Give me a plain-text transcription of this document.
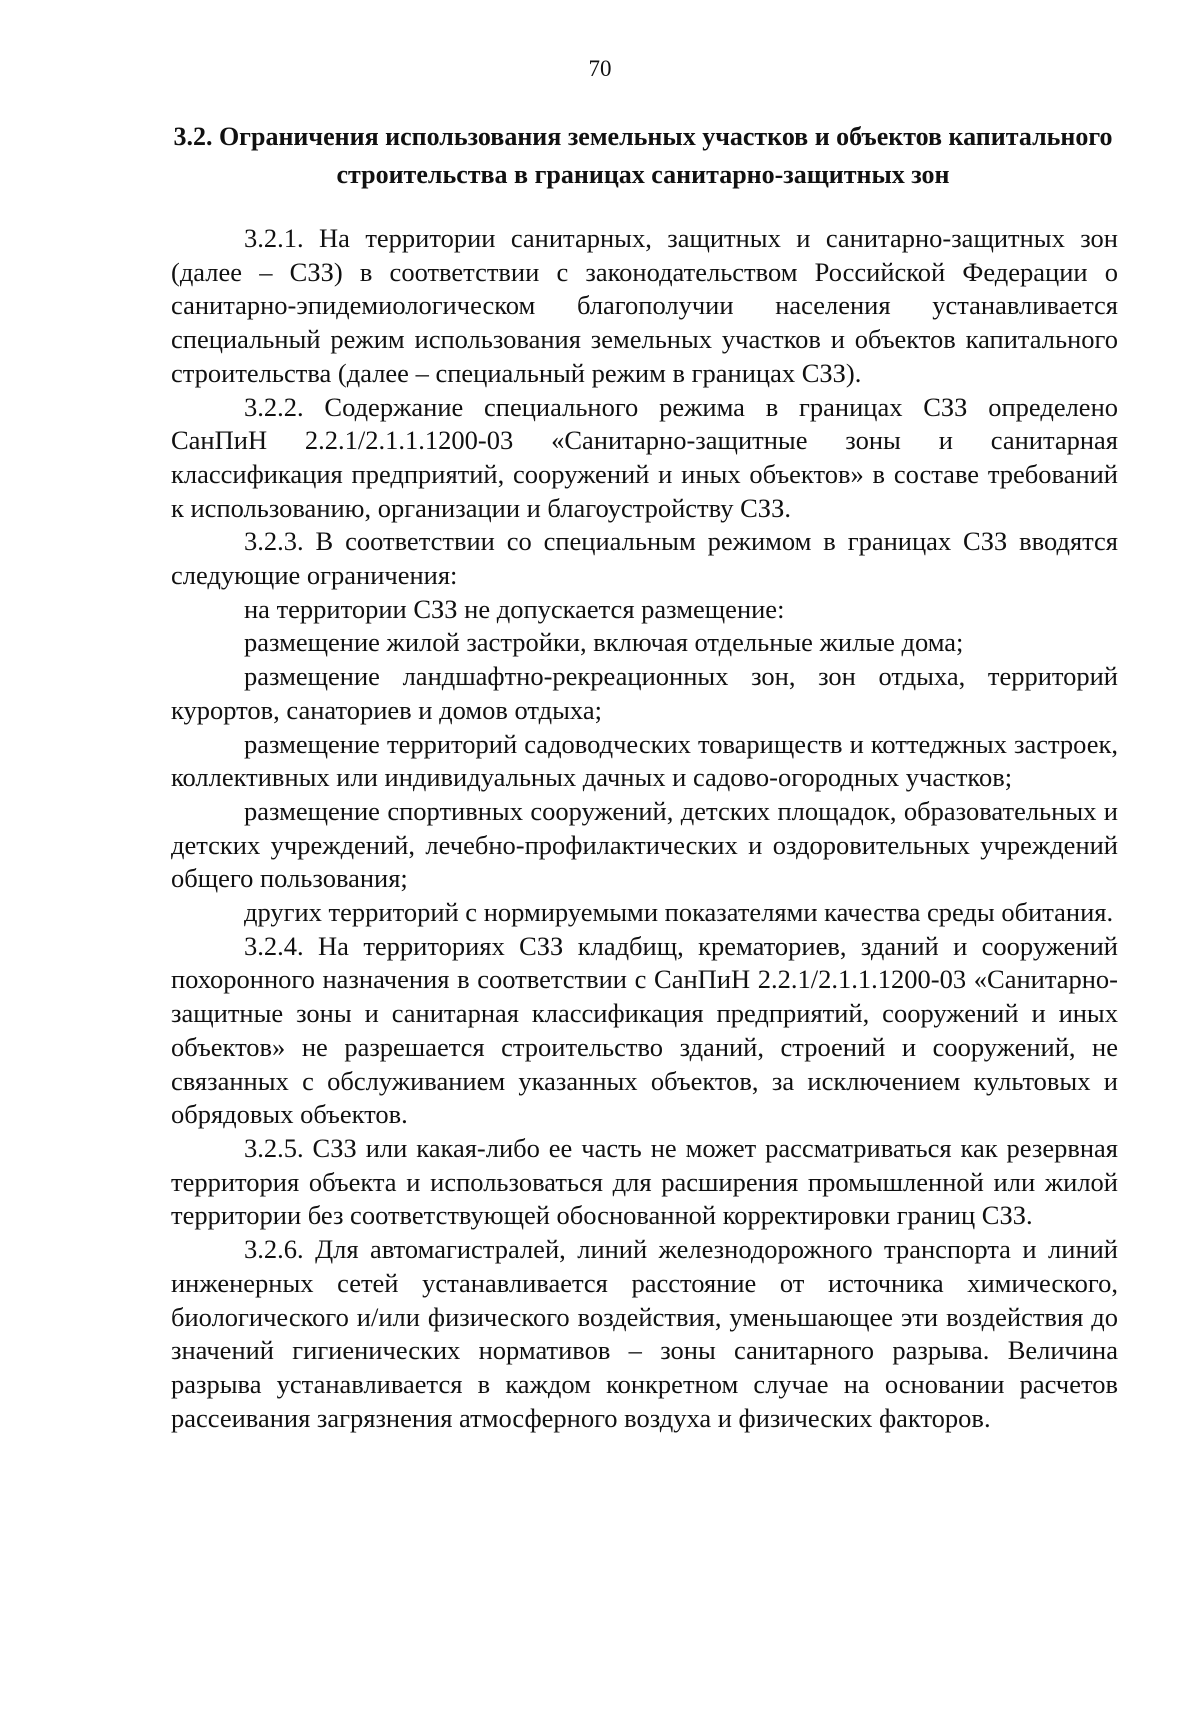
70
3.2. Ограничения использования земельных участков и объектов капитального строительства в границах санитарно-защитных зон

3.2.1. На территории санитарных, защитных и санитарно-защитных зон (далее – СЗЗ) в соответствии с законодательством Российской Федерации о санитарно-эпидемиологическом благополучии населения устанавливается специальный режим использования земельных участков и объектов капитального строительства (далее – специальный режим в границах СЗЗ).

3.2.2. Содержание специального режима в границах СЗЗ определено СанПиН 2.2.1/2.1.1.1200-03 «Санитарно-защитные зоны и санитарная классификация предприятий, сооружений и иных объектов» в составе требований к использованию, организации и благоустройству СЗЗ.

3.2.3. В соответствии со специальным режимом в границах СЗЗ вводятся следующие ограничения:

на территории СЗЗ не допускается размещение:

размещение жилой застройки, включая отдельные жилые дома;

размещение ландшафтно-рекреационных зон, зон отдыха, территорий курортов, санаториев и домов отдыха;

размещение территорий садоводческих товариществ и коттеджных застроек, коллективных или индивидуальных дачных и садово-огородных участков;

размещение спортивных сооружений, детских площадок, образовательных и детских учреждений, лечебно-профилактических и оздоровительных учреждений общего пользования;

других территорий с нормируемыми показателями качества среды обитания.

3.2.4. На территориях СЗЗ кладбищ, крематориев, зданий и сооружений похоронного назначения в соответствии с СанПиН 2.2.1/2.1.1.1200-03 «Санитарно-защитные зоны и санитарная классификация предприятий, сооружений и иных объектов» не разрешается строительство зданий, строений и сооружений, не связанных с обслуживанием указанных объектов, за исключением культовых и обрядовых объектов.

3.2.5. СЗЗ или какая-либо ее часть не может рассматриваться как резервная территория объекта и использоваться для расширения промышленной или жилой территории без соответствующей обоснованной корректировки границ СЗЗ.

3.2.6. Для автомагистралей, линий железнодорожного транспорта и линий инженерных сетей устанавливается расстояние от источника химического, биологического и/или физического воздействия, уменьшающее эти воздействия до значений гигиенических нормативов – зоны санитарного разрыва. Величина разрыва устанавливается в каждом конкретном случае на основании расчетов рассеивания загрязнения атмосферного воздуха и физических факторов.
